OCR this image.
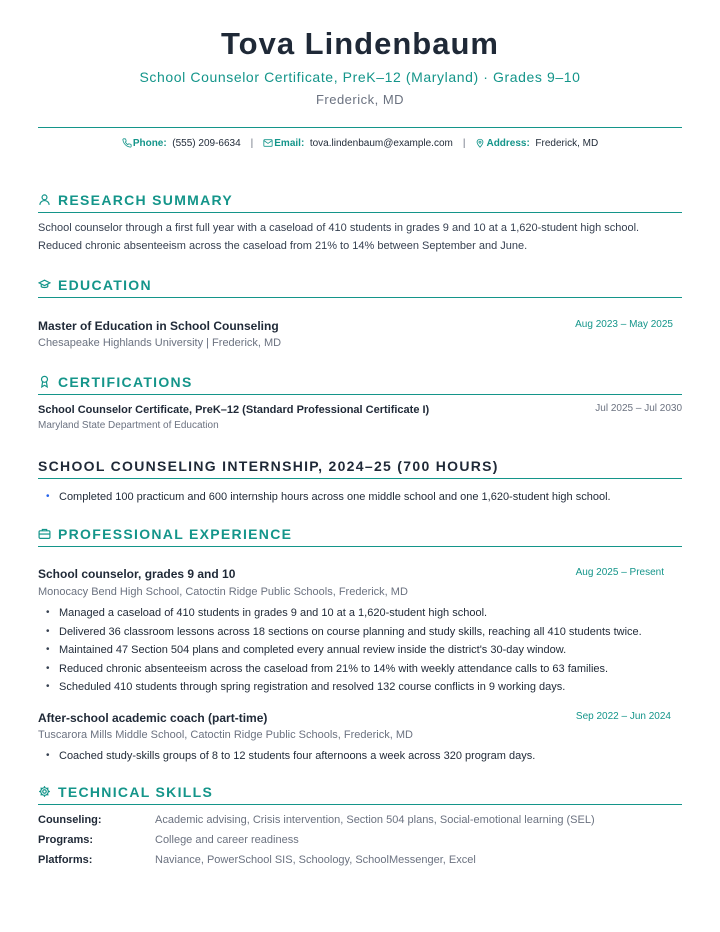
Tova Lindenbaum
School Counselor Certificate, PreK–12 (Maryland) · Grades 9–10
Frederick, MD
Phone: (555) 209-6634 | Email: tova.lindenbaum@example.com | Address: Frederick, MD
RESEARCH SUMMARY
School counselor through a first full year with a caseload of 410 students in grades 9 and 10 at a 1,620-student high school. Reduced chronic absenteeism across the caseload from 21% to 14% between September and June.
EDUCATION
Master of Education in School Counseling
Chesapeake Highlands University | Frederick, MD
Aug 2023 – May 2025
CERTIFICATIONS
School Counselor Certificate, PreK–12 (Standard Professional Certificate I)
Maryland State Department of Education
Jul 2025 – Jul 2030
SCHOOL COUNSELING INTERNSHIP, 2024–25 (700 HOURS)
• Completed 100 practicum and 600 internship hours across one middle school and one 1,620-student high school.
PROFESSIONAL EXPERIENCE
School counselor, grades 9 and 10	Aug 2025 – Present
Monocacy Bend High School, Catoctin Ridge Public Schools, Frederick, MD
• Managed a caseload of 410 students in grades 9 and 10 at a 1,620-student high school.
• Delivered 36 classroom lessons across 18 sections on course planning and study skills, reaching all 410 students twice.
• Maintained 47 Section 504 plans and completed every annual review inside the district's 30-day window.
• Reduced chronic absenteeism across the caseload from 21% to 14% with weekly attendance calls to 63 families.
• Scheduled 410 students through spring registration and resolved 132 course conflicts in 9 working days.
After-school academic coach (part-time)	Sep 2022 – Jun 2024
Tuscarora Mills Middle School, Catoctin Ridge Public Schools, Frederick, MD
• Coached study-skills groups of 8 to 12 students four afternoons a week across 320 program days.
TECHNICAL SKILLS
Counseling:	Academic advising, Crisis intervention, Section 504 plans, Social-emotional learning (SEL)
Programs:	College and career readiness
Platforms:	Naviance, PowerSchool SIS, Schoology, SchoolMessenger, Excel
